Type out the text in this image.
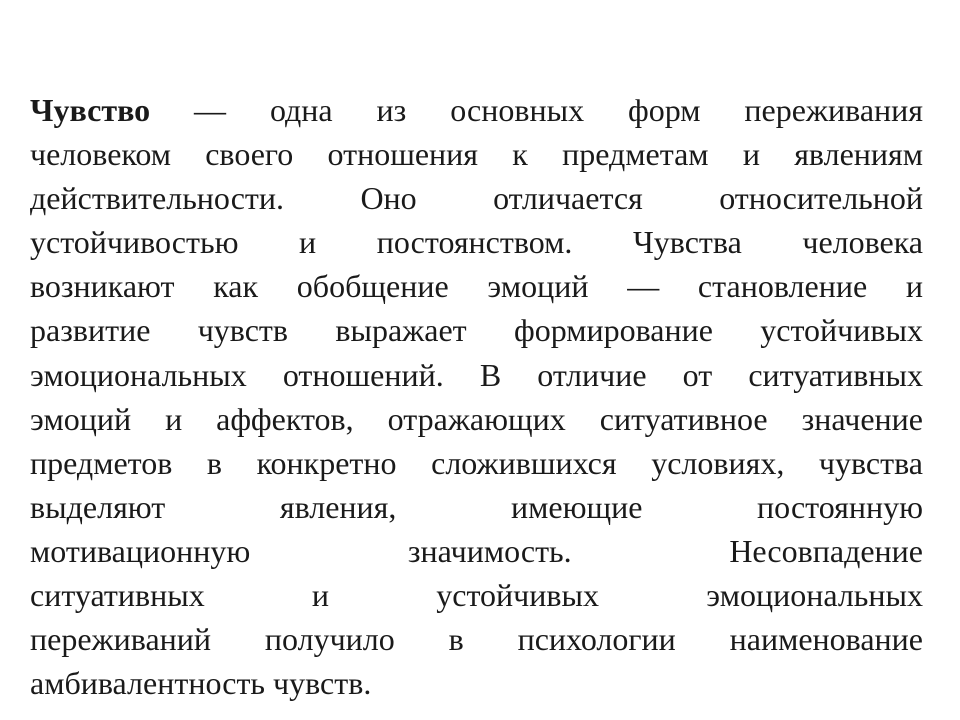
Чувство — одна из основных форм переживания
человеком своего отношения к предметам и явлениям
действительности. Оно отличается относительной
устойчивостью и постоянством. Чувства человека
возникают как обобщение эмоций — становление и
развитие чувств выражает формирование устойчивых
эмоциональных отношений. В отличие от ситуативных
эмоций и аффектов, отражающих ситуативное значение
предметов в конкретно сложившихся условиях, чувства
выделяют явления, имеющие постоянную
мотивационную значимость. Несовпадение
ситуативных и устойчивых эмоциональных
переживаний получило в психологии наименование
амбивалентность чувств.
